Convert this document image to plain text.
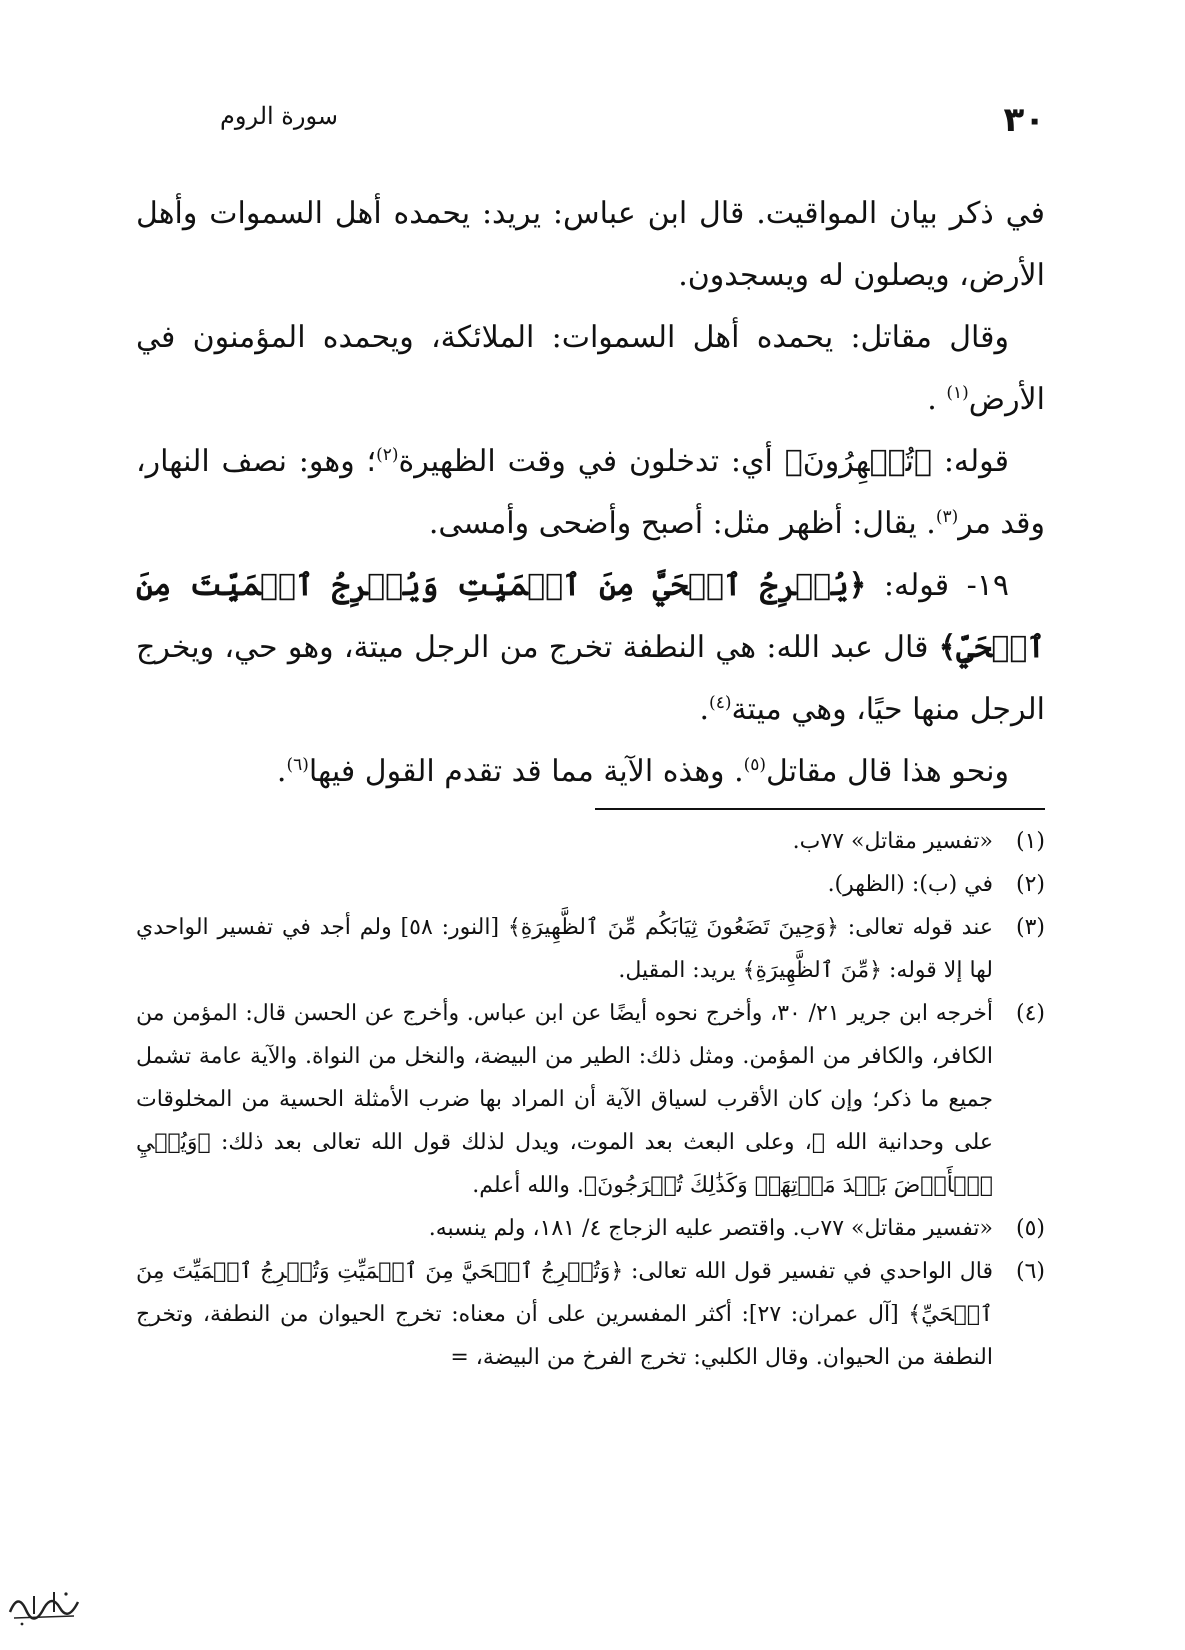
٣٠
سورة الروم

في ذكر بيان المواقيت. قال ابن عباس: يريد: يحمده أهل السموات وأهل الأرض، ويصلون له ويسجدون.

وقال مقاتل: يحمده أهل السموات: الملائكة، ويحمده المؤمنون في الأرض$^{(١)}$ .

قوله: ﴿تُظۡهِرُونَ﴾ أي: تدخلون في وقت الظهيرة$^{(٢)}$؛ وهو: نصف النهار، وقد مر$^{(٣)}$. يقال: أظهر مثل: أصبح وأضحى وأمسى.

١٩- قوله: ﴿يُخۡرِجُ ٱلۡحَيَّ مِنَ ٱلۡمَيِّتِ وَيُخۡرِجُ ٱلۡمَيِّتَ مِنَ ٱلۡحَيِّ﴾ قال عبد الله: هي النطفة تخرج من الرجل ميتة، وهو حي، ويخرج الرجل منها حيًا، وهي ميتة$^{(٤)}$.

ونحو هذا قال مقاتل$^{(٥)}$. وهذه الآية مما قد تقدم القول فيها$^{(٦)}$.

(١)
«تفسير مقاتل» ٧٧ب.

(٢)
في (ب): (الظهر).

(٣)
عند قوله تعالى: ﴿وَحِينَ تَضَعُونَ ثِيَابَكُم مِّنَ ٱلظَّهِيرَةِ﴾ [النور: ٥٨] ولم أجد في تفسير الواحدي لها إلا قوله: ﴿مِّنَ ٱلظَّهِيرَةِ﴾ يريد: المقيل.

(٤)
أخرجه ابن جرير ٢١/ ٣٠، وأخرج نحوه أيضًا عن ابن عباس. وأخرج عن الحسن قال: المؤمن من الكافر، والكافر من المؤمن. ومثل ذلك: الطير من البيضة، والنخل من النواة. والآية عامة تشمل جميع ما ذكر؛ وإن كان الأقرب لسياق الآية أن المراد بها ضرب الأمثلة الحسية من المخلوقات على وحدانية الله ﷻ، وعلى البعث بعد الموت، ويدل لذلك قول الله تعالى بعد ذلك: ﴿وَيُحۡيِ ٱلۡأَرۡضَ بَعۡدَ مَوۡتِهَاۚ وَكَذَٰلِكَ تُخۡرَجُونَ﴾. والله أعلم.

(٥)
«تفسير مقاتل» ٧٧ب. واقتصر عليه الزجاج ٤/ ١٨١، ولم ينسبه.

(٦)
قال الواحدي في تفسير قول الله تعالى: ﴿وَتُخۡرِجُ ٱلۡحَيَّ مِنَ ٱلۡمَيِّتِ وَتُخۡرِجُ ٱلۡمَيِّتَ مِنَ ٱلۡحَيِّ﴾ [آل عمران: ٢٧]: أكثر المفسرين على أن معناه: تخرج الحيوان من النطفة، وتخرج النطفة من الحيوان. وقال الكلبي: تخرج الفرخ من البيضة، =
